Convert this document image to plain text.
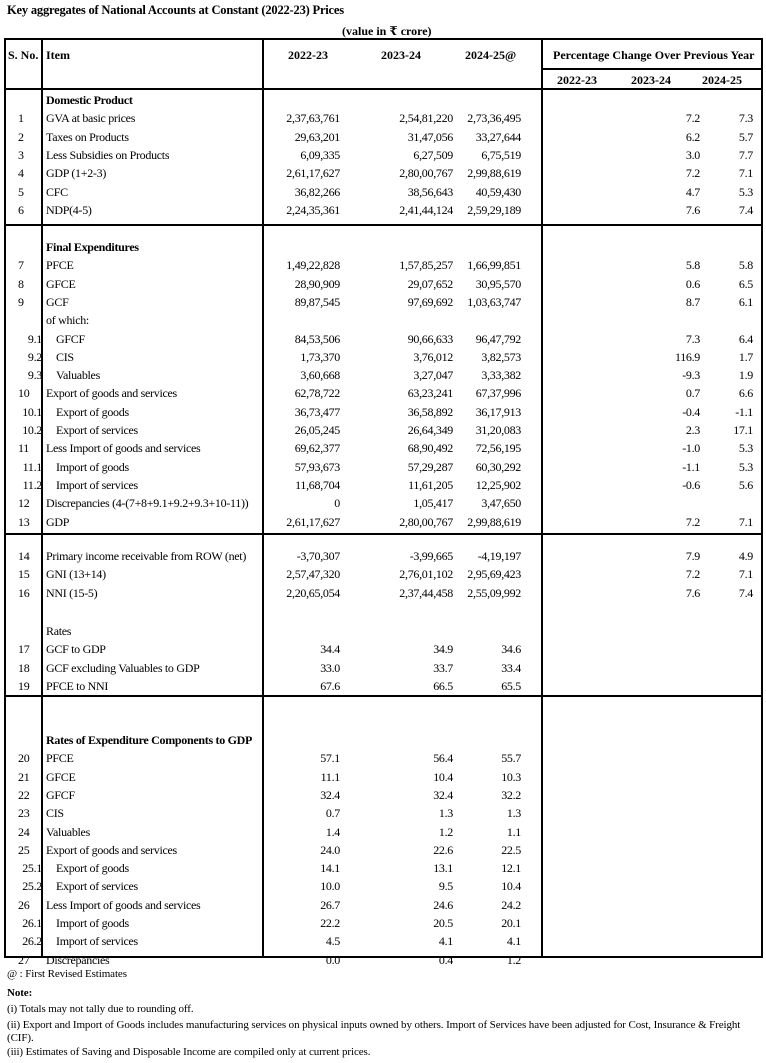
Key aggregates of National Accounts at Constant (2022-23) Prices
(value in ₹ crore)
S. No. Item	2022-23	2023-24	2024-25@	Percentage Change Over Previous Year
2022-23	2023-24	2024-25
Domestic Product
1 GVA at basic prices	2,37,63,761	2,54,81,220 2,73,36,495	7.2	7.3
2 Taxes on Products	29,63,201	31,47,056 33,27,644	6.2	5.7
3 Less Subsidies on Products	6,09,335	6,27,509 6,75,519	3.0	7.7
4 GDP (1+2-3)	2,61,17,627	2,80,00,767 2,99,88,619	7.2	7.1
5 CFC	36,82,266	38,56,643 40,59,430	4.7	5.3
6 NDP(4-5)	2,24,35,361	2,41,44,124 2,59,29,189	7.6	7.4
Final Expenditures
7 PFCE	1,49,22,828	1,57,85,257 1,66,99,851	5.8	5.8
8 GFCE	28,90,909	29,07,652 30,95,570	0.6	6.5
9 GCF	89,87,545	97,69,692 1,03,63,747	8.7	6.1
of which:
9.1 GFCF	84,53,506	90,66,633 96,47,792	7.3	6.4
9.2 CIS	1,73,370	3,76,012 3,82,573	116.9	1.7
9.3 Valuables	3,60,668	3,27,047 3,33,382	-9.3	1.9
10 Export of goods and services	62,78,722	63,23,241 67,37,996	0.7	6.6
10.1 Export of goods	36,73,477	36,58,892 36,17,913	-0.4	-1.1
10.2 Export of services	26,05,245	26,64,349 31,20,083	2.3	17.1
11 Less Import of goods and services	69,62,377	68,90,492 72,56,195	-1.0	5.3
11.1 Import of goods	57,93,673	57,29,287 60,30,292	-1.1	5.3
11.2 Import of services	11,68,704	11,61,205 12,25,902	-0.6	5.6
12 Discrepancies (4-(7+8+9.1+9.2+9.3+10-11))	0	1,05,417 3,47,650
13 GDP	2,61,17,627	2,80,00,767 2,99,88,619	7.2	7.1
14 Primary income receivable from ROW (net)	-3,70,307	-3,99,665 -4,19,197	7.9	4.9
15 GNI (13+14)	2,57,47,320	2,76,01,102 2,95,69,423	7.2	7.1
16 NNI (15-5)	2,20,65,054	2,37,44,458 2,55,09,992	7.6	7.4
Rates
17 GCF to GDP	34.4	34.9	34.6
18 GCF excluding Valuables to GDP	33.0	33.7	33.4
19 PFCE to NNI	67.6	66.5	65.5
Rates of Expenditure Components to GDP
20 PFCE	57.1	56.4	55.7
21 GFCE	11.1	10.4	10.3
22 GFCF	32.4	32.4	32.2
23 CIS	0.7	1.3	1.3
24 Valuables	1.4	1.2	1.1
25 Export of goods and services	24.0	22.6	22.5
25.1 Export of goods	14.1	13.1	12.1
25.2 Export of services	10.0	9.5	10.4
26 Less Import of goods and services	26.7	24.6	24.2
26.1 Import of goods	22.2	20.5	20.1
26.2 Import of services	4.5	4.1	4.1
27 Discrepancies	0.0	0.4	1.2
@ : First Revised Estimates
Note:
(i) Totals may not tally due to rounding off.
(ii) Export and Import of Goods includes manufacturing services on physical inputs owned by others. Import of Services have been adjusted for Cost, Insurance & Freight
(CIF).
(iii) Estimates of Saving and Disposable Income are compiled only at current prices.
